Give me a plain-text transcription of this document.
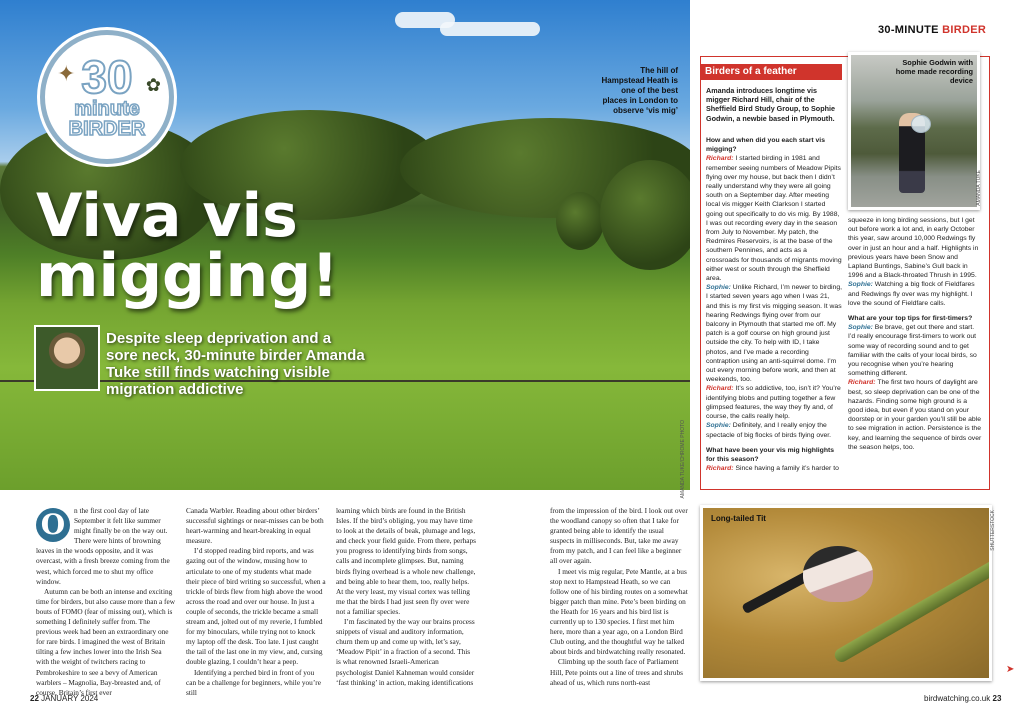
✦	✿
30
minute
BIRDER
Viva vis migging!
Despite sleep deprivation and a sore neck, 30-minute birder Amanda Tuke still finds watching visible migration addictive
The hill of Hampstead Heath is one of the best places in London to observe ‘vis mig’
AMANDA TUKE/CHROME PHOTO
O	n the first cool day of late September it felt like summer might finally be on the way out. There were hints of browning leaves in the woods opposite, and it was overcast, with a fresh breeze coming from the west, which forced me to shut my office window.

Autumn can be both an intense and exciting time for birders, but also cause more than a few bouts of FOMO (fear of missing out), which is something I definitely suffer from. The previous week had been an extraordinary one for rare birds. I imagined the west of Britain tilting a few inches lower into the Irish Sea with the weight of twitchers racing to Pembrokeshire to see a bevy of American warblers – Magnolia, Bay-breasted and, of course, Britain’s first ever

Canada Warbler. Reading about other birders’ successful sightings or near-misses can be both heart-warming and heart-breaking in equal measure.

I’d stopped reading bird reports, and was gazing out of the window, musing how to articulate to one of my students what made their piece of bird writing so successful, when a trickle of birds flew from high above the wood across the road and over our house. In just a couple of seconds, the trickle became a small stream and, jolted out of my reverie, I fumbled for my binoculars, while trying not to knock my laptop off the desk. Too late. I just caught the tail of the last one in my view, and, cursing double glazing, I couldn’t hear a peep.

Identifying a perched bird in front of you can be a challenge for beginners, while you’re still

learning which birds are found in the British Isles. If the bird’s obliging, you may have time to look at the details of beak, plumage and legs, and check your field guide. From there, perhaps you progress to identifying birds from songs, calls and incomplete glimpses. But, naming birds flying overhead is a whole new challenge, and being able to hear them, too, really helps. At the very least, my visual cortex was telling me that the birds I had just seen fly over were not a familiar species.

I’m fascinated by the way our brains process snippets of visual and auditory information, churn them up and come up with, let’s say, ‘Meadow Pipit’ in a fraction of a second. This is what renowned Israeli-American psychologist Daniel Kahneman would consider ‘fast thinking’ in action, making identifications

from the impression of the bird. I look out over the woodland canopy so often that I take for granted being able to identify the usual suspects in milliseconds. But, take me away from my patch, and I can feel like a beginner all over again.

I meet vis mig regular, Pete Mantle, at a bus stop next to Hampstead Heath, so we can follow one of his birding routes on a somewhat bigger patch than mine. Pete’s been birding on the Heath for 16 years and his bird list is currently up to 130 species. I first met him here, more than a year ago, on a London Bird Club outing, and the thoughtful way he talked about birds and birdwatching really resonated.

Climbing up the south face of Parliament Hill, Pete points out a line of trees and shrubs ahead of us, which runs north-east

22 JANUARY 2024
30-MINUTE BIRDER
Birders of a feather
Amanda introduces longtime vis migger Richard Hill, chair of the Sheffield Bird Study Group, to Sophie Godwin, a newbie based in Plymouth.

How and when did you each start vis migging?

Richard: I started birding in 1981 and remember seeing numbers of Meadow Pipits flying over my house, but back then I didn’t really understand why they were all going south on a September day. After meeting local vis migger Keith Clarkson I started going out specifically to do vis mig. By 1988, I was out recording every day in the season from July to November. My patch, the Redmires Reservoirs, is at the base of the southern Pennines, and acts as a crossroads for thousands of migrants moving either west or south through the Sheffield area.

Sophie: Unlike Richard, I’m newer to birding, I started seven years ago when I was 21, and this is my first vis migging season. It was hearing Redwings flying over from our balcony in Plymouth that started me off. My patch is a golf course on high ground just outside the city. To help with ID, I take photos, and I’ve made a recording contraption using an anti-squirrel dome. I’m out every morning before work, and then at weekends, too.

Richard: It’s so addictive, too, isn’t it? You’re identifying blobs and putting together a few glimpsed features, the way they fly and, of course, the calls really help.

Sophie: Definitely, and I really enjoy the spectacle of big flocks of birds flying over.

What have been your vis mig highlights for this season?

Richard: Since having a family it’s harder to

squeeze in long birding sessions, but I get out before work a lot and, in early October this year, saw around 10,000 Redwings fly over in just an hour and a half. Highlights in previous years have been Snow and Lapland Buntings, Sabine’s Gull back in 1996 and a Black-throated Thrush in 1995.

Sophie: Watching a big flock of Fieldfares and Redwings fly over was my highlight. I love the sound of Fieldfare calls.

What are your top tips for first-timers?

Sophie: Be brave, get out there and start. I’d really encourage first-timers to work out some way of recording sound and to get familiar with the calls of your local birds, so you recognise when you’re hearing something different.

Richard: The first two hours of daylight are best, so sleep deprivation can be one of the hazards. Finding some high ground is a good idea, but even if you stand on your doorstep or in your garden you’ll still be able to see migration in action. Persistence is the key, and learning the sequence of birds over the season helps, too.

Sophie Godwin with home made recording device
AMANDA TUKE
Long-tailed Tit	SHUTTERSTOCK
➤
birdwatching.co.uk 23
